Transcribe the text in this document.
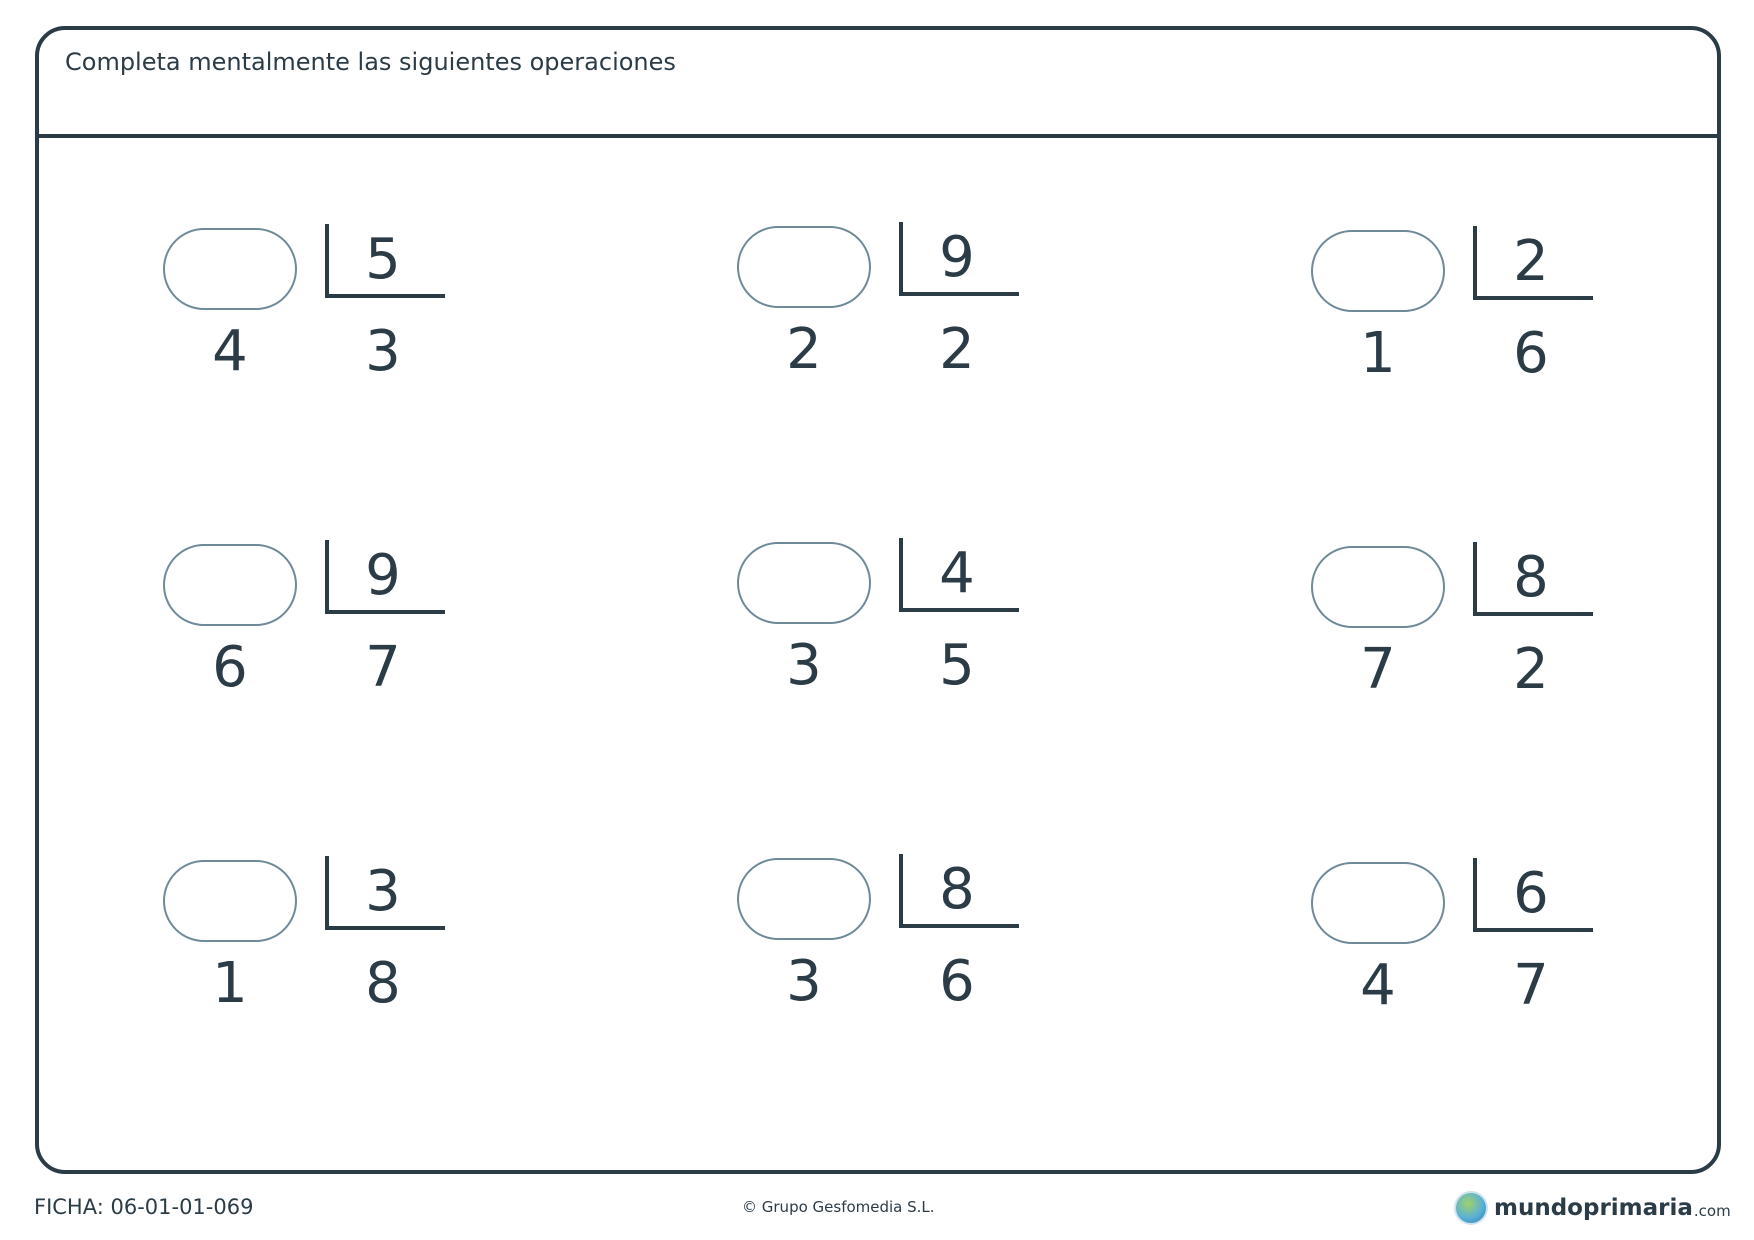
Completa mentalmente las siguientes operaciones
5
4	3
9
2	2
2
1	6
9
6	7
4
3	5
8
7	2
3
1	8
8
3	6
6
4	7
FICHA: 06-01-01-069	© Grupo Gesfomedia S.L.	mundoprimaria .com
